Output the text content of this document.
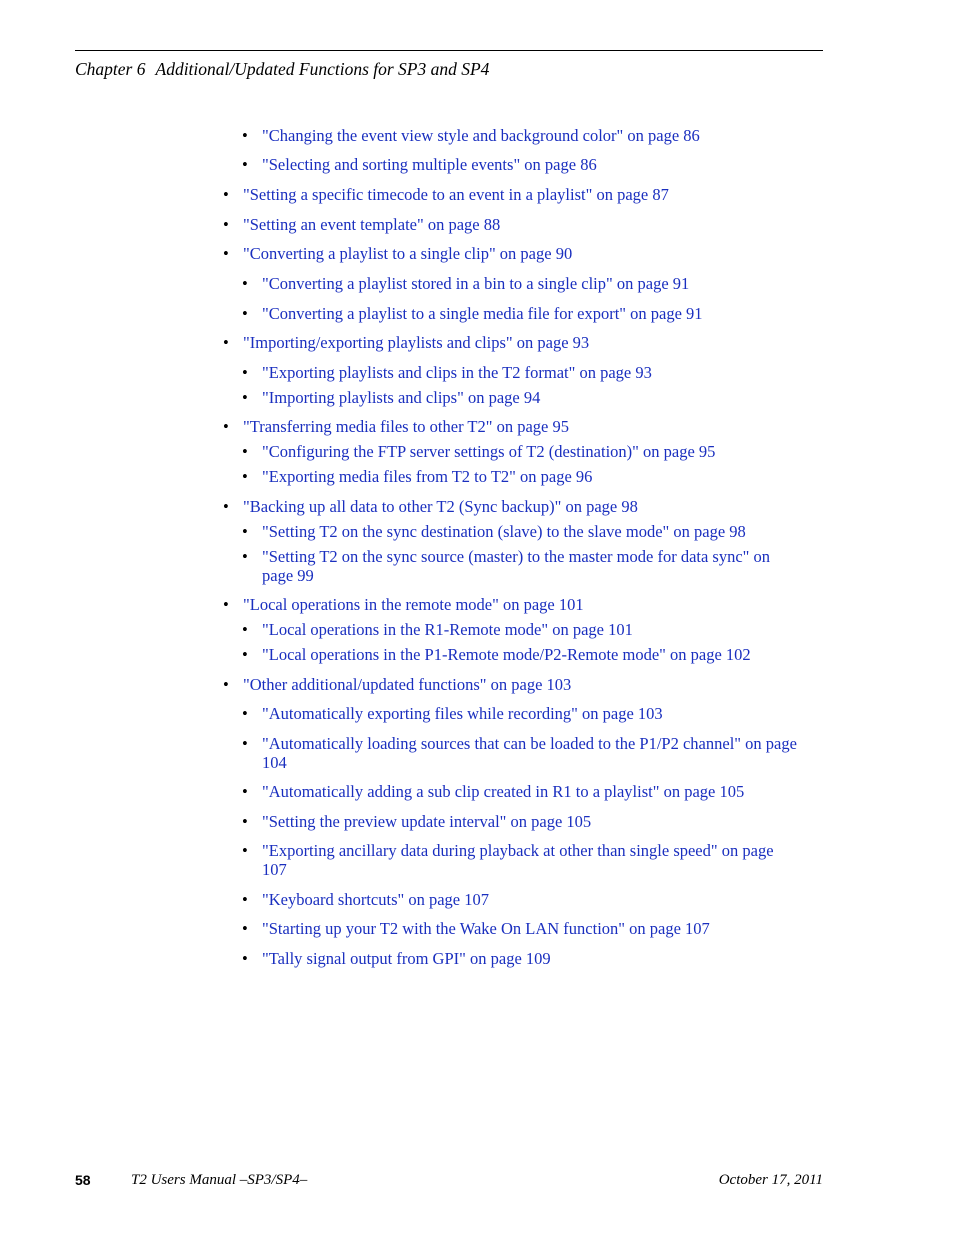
Chapter 6 Additional/Updated Functions for SP3 and SP4
• "Changing the event view style and background color" on page 86
• "Selecting and sorting multiple events" on page 86
• "Setting a specific timecode to an event in a playlist" on page 87
• "Setting an event template" on page 88
• "Converting a playlist to a single clip" on page 90
• "Converting a playlist stored in a bin to a single clip" on page 91
• "Converting a playlist to a single media file for export" on page 91
• "Importing/exporting playlists and clips" on page 93
• "Exporting playlists and clips in the T2 format" on page 93
• "Importing playlists and clips" on page 94
• "Transferring media files to other T2" on page 95
• "Configuring the FTP server settings of T2 (destination)" on page 95
• "Exporting media files from T2 to T2" on page 96
• "Backing up all data to other T2 (Sync backup)" on page 98
• "Setting T2 on the sync destination (slave) to the slave mode" on page 98
• "Setting T2 on the sync source (master) to the master mode for data sync" on page 99
• "Local operations in the remote mode" on page 101
• "Local operations in the R1-Remote mode" on page 101
• "Local operations in the P1-Remote mode/P2-Remote mode" on page 102
• "Other additional/updated functions" on page 103
• "Automatically exporting files while recording" on page 103
• "Automatically loading sources that can be loaded to the P1/P2 channel" on page 104
• "Automatically adding a sub clip created in R1 to a playlist" on page 105
• "Setting the preview update interval" on page 105
• "Exporting ancillary data during playback at other than single speed" on page 107
• "Keyboard shortcuts" on page 107
• "Starting up your T2 with the Wake On LAN function" on page 107
• "Tally signal output from GPI" on page 109
58	T2 Users Manual –SP3/SP4–	October 17, 2011
